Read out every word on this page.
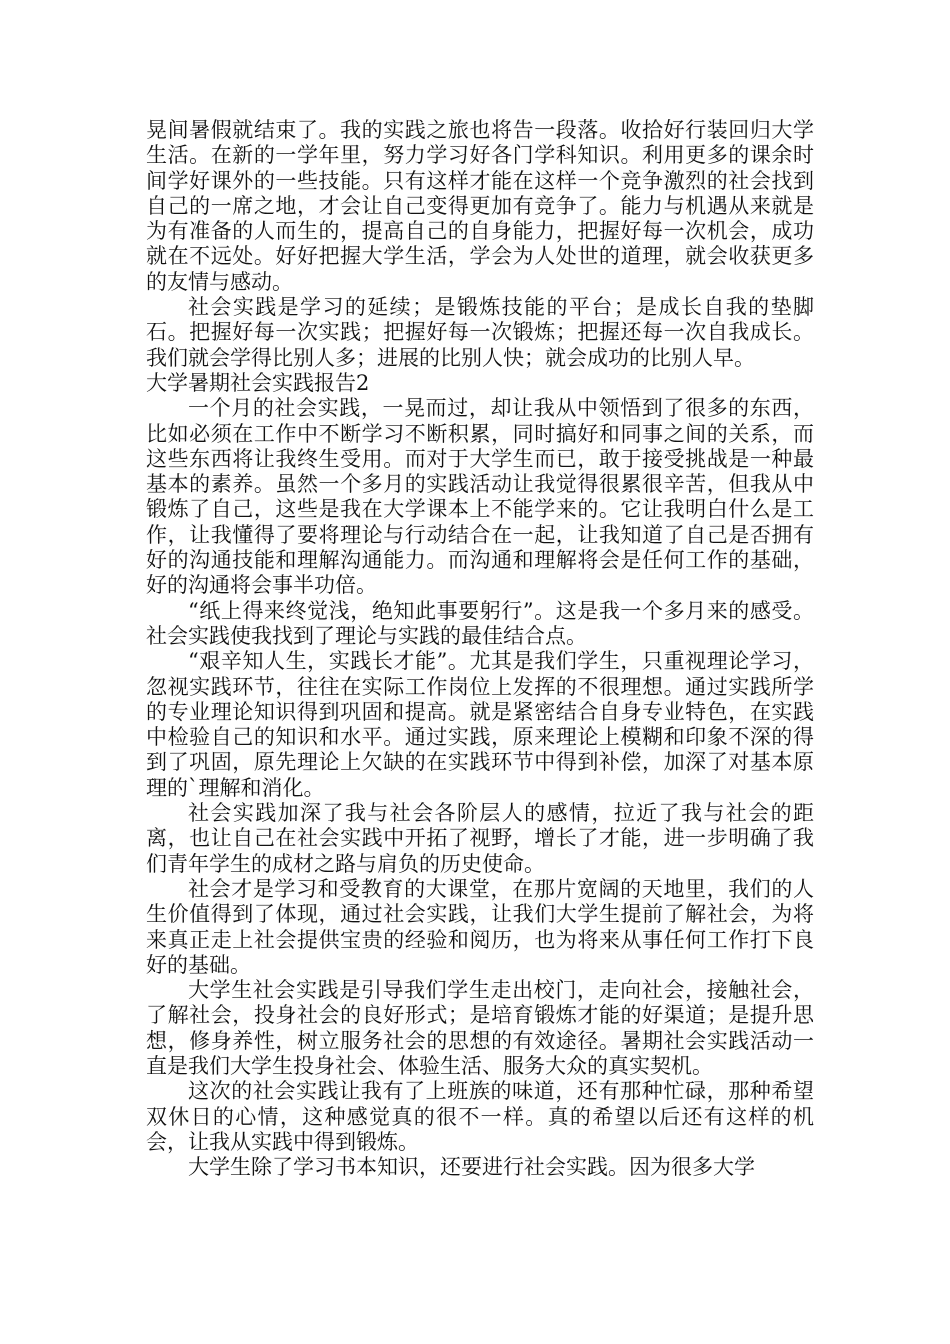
晃间暑假就结束了。我的实践之旅也将告一段落。收拾好行装回归大学生活。在新的一学年里，努力学习好各门学科知识。利用更多的课余时间学好课外的一些技能。只有这样才能在这样一个竞争激烈的社会找到自己的一席之地，才会让自己变得更加有竞争了。能力与机遇从来就是为有准备的人而生的，提高自己的自身能力，把握好每一次机会，成功就在不远处。好好把握大学生活，学会为人处世的道理，就会收获更多的友情与感动。

社会实践是学习的延续；是锻炼技能的平台；是成长自我的垫脚石。把握好每一次实践；把握好每一次锻炼；把握还每一次自我成长。我们就会学得比别人多；进展的比别人快；就会成功的比别人早。

大学暑期社会实践报告2

一个月的社会实践，一晃而过，却让我从中领悟到了很多的东西，比如必须在工作中不断学习不断积累，同时搞好和同事之间的关系，而这些东西将让我终生受用。而对于大学生而已，敢于接受挑战是一种最基本的素养。虽然一个多月的实践活动让我觉得很累很辛苦，但我从中锻炼了自己，这些是我在大学课本上不能学来的。它让我明白什么是工作，让我懂得了要将理论与行动结合在一起，让我知道了自己是否拥有好的沟通技能和理解沟通能力。而沟通和理解将会是任何工作的基础，好的沟通将会事半功倍。

“纸上得来终觉浅，绝知此事要躬行”。这是我一个多月来的感受。社会实践使我找到了理论与实践的最佳结合点。

“艰辛知人生，实践长才能”。尤其是我们学生，只重视理论学习，忽视实践环节，往往在实际工作岗位上发挥的不很理想。通过实践所学的专业理论知识得到巩固和提高。就是紧密结合自身专业特色，在实践中检验自己的知识和水平。通过实践，原来理论上模糊和印象不深的得到了巩固，原先理论上欠缺的在实践环节中得到补偿，加深了对基本原理的`理解和消化。

社会实践加深了我与社会各阶层人的感情，拉近了我与社会的距离，也让自己在社会实践中开拓了视野，增长了才能，进一步明确了我们青年学生的成材之路与肩负的历史使命。

社会才是学习和受教育的大课堂，在那片宽阔的天地里，我们的人生价值得到了体现，通过社会实践，让我们大学生提前了解社会，为将来真正走上社会提供宝贵的经验和阅历，也为将来从事任何工作打下良好的基础。

大学生社会实践是引导我们学生走出校门，走向社会，接触社会，了解社会，投身社会的良好形式；是培育锻炼才能的好渠道；是提升思想，修身养性，树立服务社会的思想的有效途径。暑期社会实践活动一直是我们大学生投身社会、体验生活、服务大众的真实契机。

这次的社会实践让我有了上班族的味道，还有那种忙碌，那种希望双休日的心情，这种感觉真的很不一样。真的希望以后还有这样的机会，让我从实践中得到锻炼。

大学生除了学习书本知识，还要进行社会实践。因为很多大学
